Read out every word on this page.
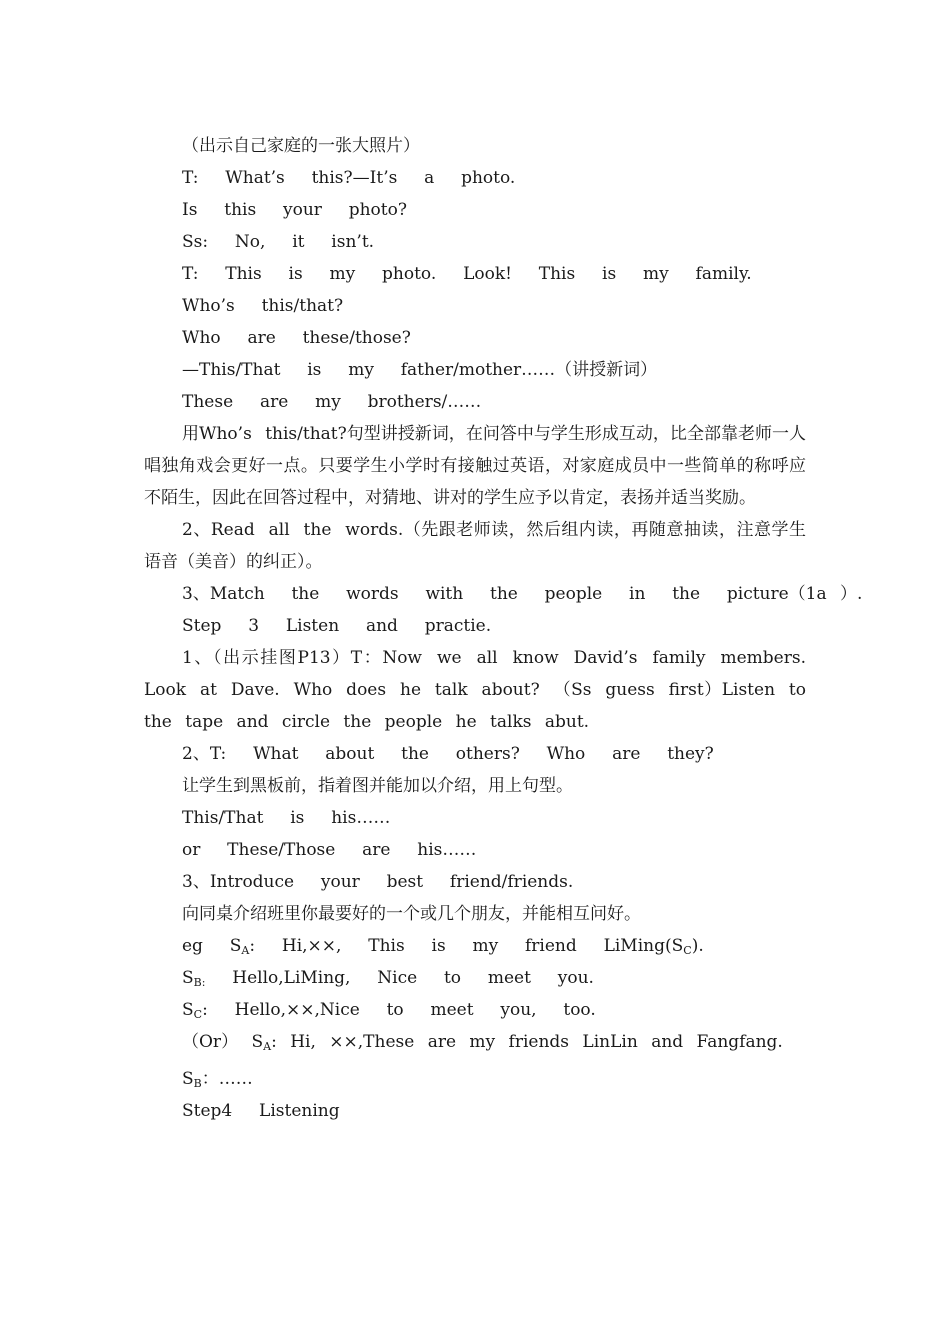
（出示自己家庭的一张大照片）
T:  What’s  this?—It’s  a  photo.
Is  this  your  photo?
Ss:  No,  it  isn’t.
T:  This  is  my  photo.  Look!  This  is  my  family.
Who’s  this/that?
Who  are  these/those?
—This/That  is  my  father/mother……（讲授新词）
These  are  my  brothers/……
用Who’s this/that?句型讲授新词，在问答中与学生形成互动，比全部靠老师一人唱独角戏会更好一点。只要学生小学时有接触过英语，对家庭成员中一些简单的称呼应不陌生，因此在回答过程中，对猜地、讲对的学生应予以肯定，表扬并适当奖励。
2、Read all the words.（先跟老师读，然后组内读，再随意抽读，注意学生语音（美音）的纠正）。
3、Match  the  words  with  the  people  in  the  picture（1a ）.
Step  3  Listen  and  practie.
1、（出示挂图P13）T：Now we all know David’s family members. Look at Dave. Who does he talk about? （Ss guess first）Listen to the tape and circle the people he talks abut.
2、T:  What  about  the  others?  Who  are  they?
让学生到黑板前，指着图并能加以介绍，用上句型。
This/That  is  his……
or  These/Those  are  his……
3、Introduce  your  best  friend/friends.
向同桌介绍班里你最要好的一个或几个朋友，并能相互问好。
eg  $S_A$:  Hi,××,  This  is  my  friend  $LiMing(S_C)$.
$S_{B:}$  Hello,LiMing,  Nice  to  meet  you.
$S_C$:  Hello,××,Nice  to  meet  you,  too.
（Or） $S_A$: Hi, ××,These are my friends LinLin and Fangfang.
$S_B$：……
Step4  Listening
